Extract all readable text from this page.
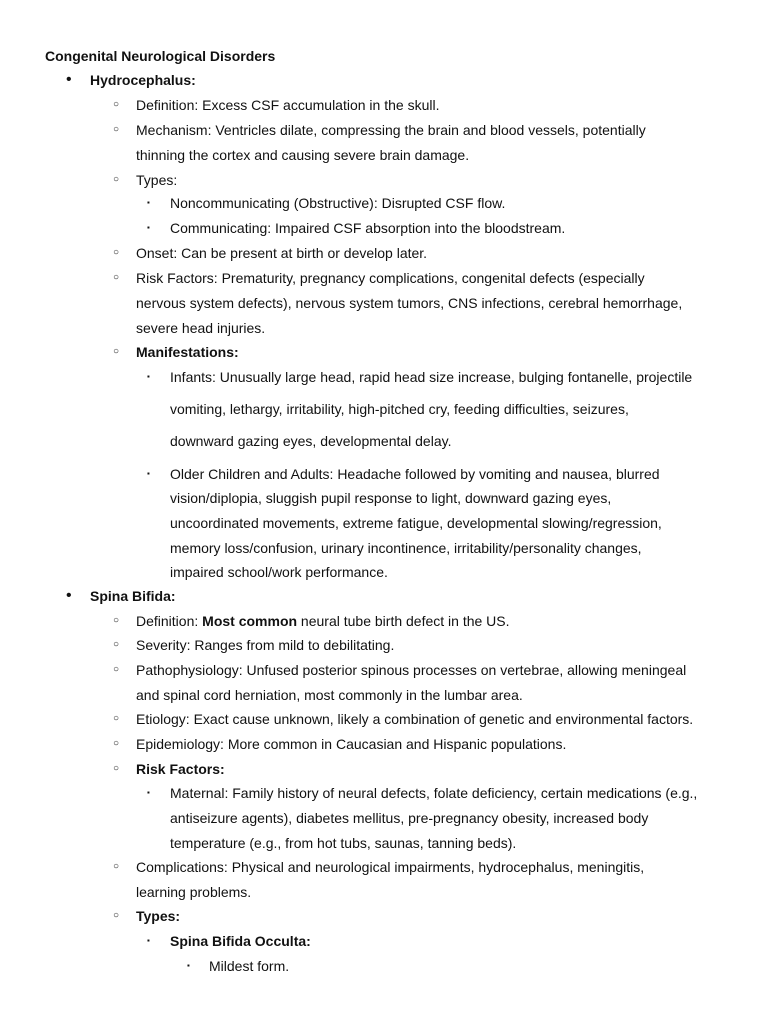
Congenital Neurological Disorders
• Hydrocephalus:
○ Definition: Excess CSF accumulation in the skull.
○ Mechanism: Ventricles dilate, compressing the brain and blood vessels, potentially
thinning the cortex and causing severe brain damage.
○ Types:
▪ Noncommunicating (Obstructive): Disrupted CSF flow.
▪ Communicating: Impaired CSF absorption into the bloodstream.
○ Onset: Can be present at birth or develop later.
○ Risk Factors: Prematurity, pregnancy complications, congenital defects (especially
nervous system defects), nervous system tumors, CNS infections, cerebral hemorrhage,
severe head injuries.
○ Manifestations:
▪ Infants: Unusually large head, rapid head size increase, bulging fontanelle, projectile
vomiting, lethargy, irritability, high-pitched cry, feeding difficulties, seizures,
downward gazing eyes, developmental delay.
▪ Older Children and Adults: Headache followed by vomiting and nausea, blurred
vision/diplopia, sluggish pupil response to light, downward gazing eyes,
uncoordinated movements, extreme fatigue, developmental slowing/regression,
memory loss/confusion, urinary incontinence, irritability/personality changes,
impaired school/work performance.
• Spina Bifida:
○ Definition: Most common neural tube birth defect in the US.
○ Severity: Ranges from mild to debilitating.
○ Pathophysiology: Unfused posterior spinous processes on vertebrae, allowing meningeal
and spinal cord herniation, most commonly in the lumbar area.
○ Etiology: Exact cause unknown, likely a combination of genetic and environmental factors.
○ Epidemiology: More common in Caucasian and Hispanic populations.
○ Risk Factors:
▪ Maternal: Family history of neural defects, folate deficiency, certain medications (e.g.,
antiseizure agents), diabetes mellitus, pre-pregnancy obesity, increased body
temperature (e.g., from hot tubs, saunas, tanning beds).
○ Complications: Physical and neurological impairments, hydrocephalus, meningitis,
learning problems.
○ Types:
▪ Spina Bifida Occulta:
▪ Mildest form.
